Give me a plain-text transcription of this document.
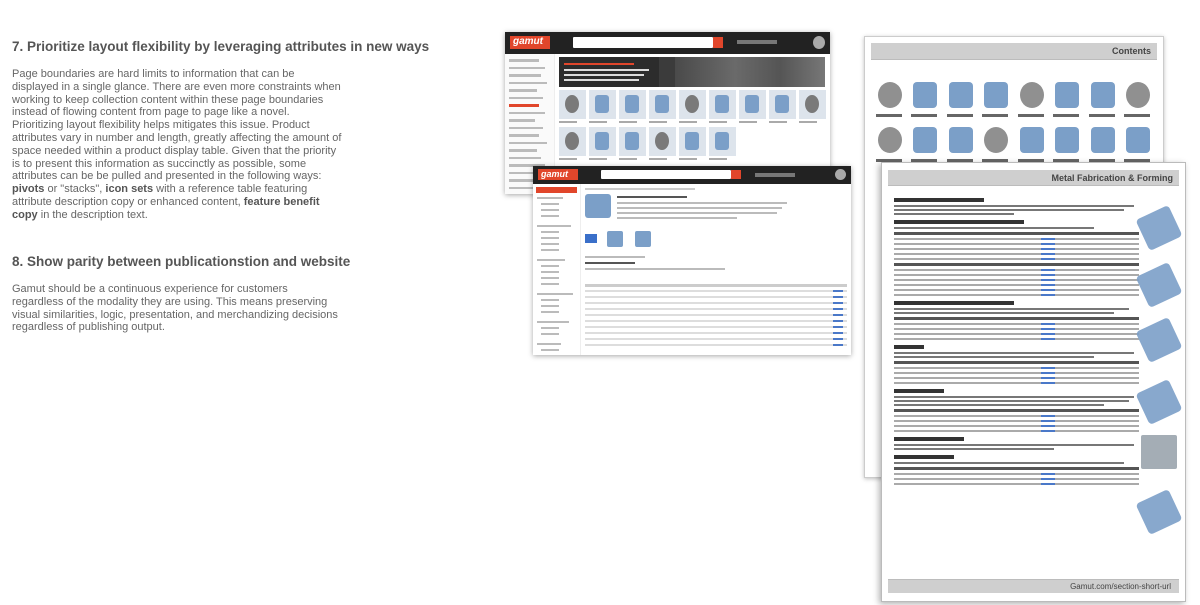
7. Prioritize layout flexibility by leveraging attributes in new ways

Page boundaries are hard limits to information that can be displayed in a single glance. There are even more constraints when working to keep collection content within these page boundaries instead of flowing content from page to page like a novel. Prioritizing layout flexibility helps mitigates this issue. Product attributes vary in number and length, greatly affecting the amount of space needed within a product display table. Given that the priority is to present this information as succinctly as possible, some attributes can be be pulled and presented in the following ways: pivots or "stacks", icon sets with a reference table featuring attribute description copy or enhanced content, feature benefit copy in the description text.

8. Show parity between publicationstion and website

Gamut should be a continuous experience for customers regardless of the modality they are using. This means preserving visual similarities, logic, presentation, and merchandizing decisions regardless of publishing output.

gamut
gamut
Contents
Metal Fabrication & Forming
Gamut.com/section-short-url
